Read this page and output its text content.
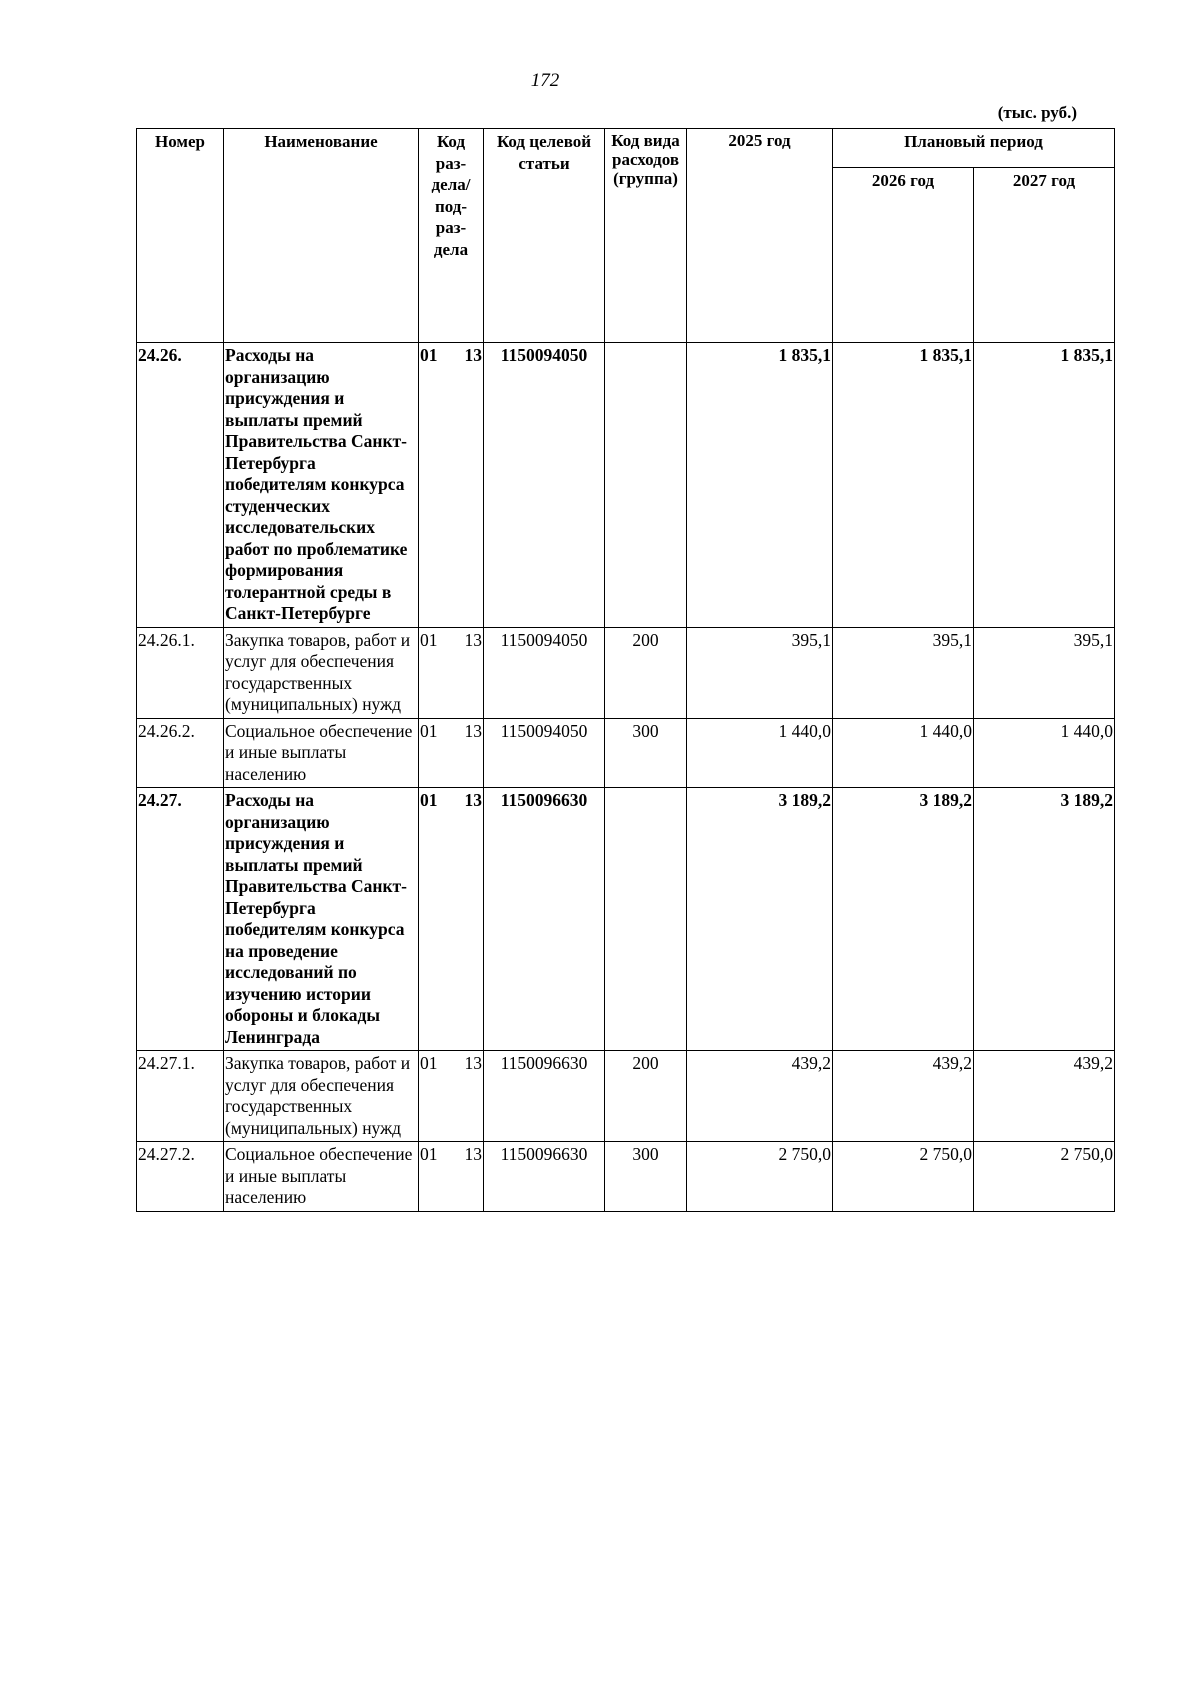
172
(тыс. руб.)
Номер	Наименование	Код раз-дела/ под-раз-дела	Код целевой статьи	Код вида расходов (группа)	2025 год	Плановый период	
						2026 год	2027 год
24.26.	Расходы на организацию присуждения и выплаты премий Правительства Санкт-Петербурга победителям конкурса студенческих исследовательских работ по проблематике формирования толерантной среды в Санкт-Петербурге	01 13	1150094050		1 835,1	1 835,1	1 835,1
24.26.1.	Закупка товаров, работ и услуг для обеспечения государственных (муниципальных) нужд	01 13	1150094050	200	395,1	395,1	395,1
24.26.2.	Социальное обеспечение и иные выплаты населению	01 13	1150094050	300	1 440,0	1 440,0	1 440,0
24.27.	Расходы на организацию присуждения и выплаты премий Правительства Санкт-Петербурга победителям конкурса на проведение исследований по изучению истории обороны и блокады Ленинграда	01 13	1150096630		3 189,2	3 189,2	3 189,2
24.27.1.	Закупка товаров, работ и услуг для обеспечения государственных (муниципальных) нужд	01 13	1150096630	200	439,2	439,2	439,2
24.27.2.	Социальное обеспечение и иные выплаты населению	01 13	1150096630	300	2 750,0	2 750,0	2 750,0
